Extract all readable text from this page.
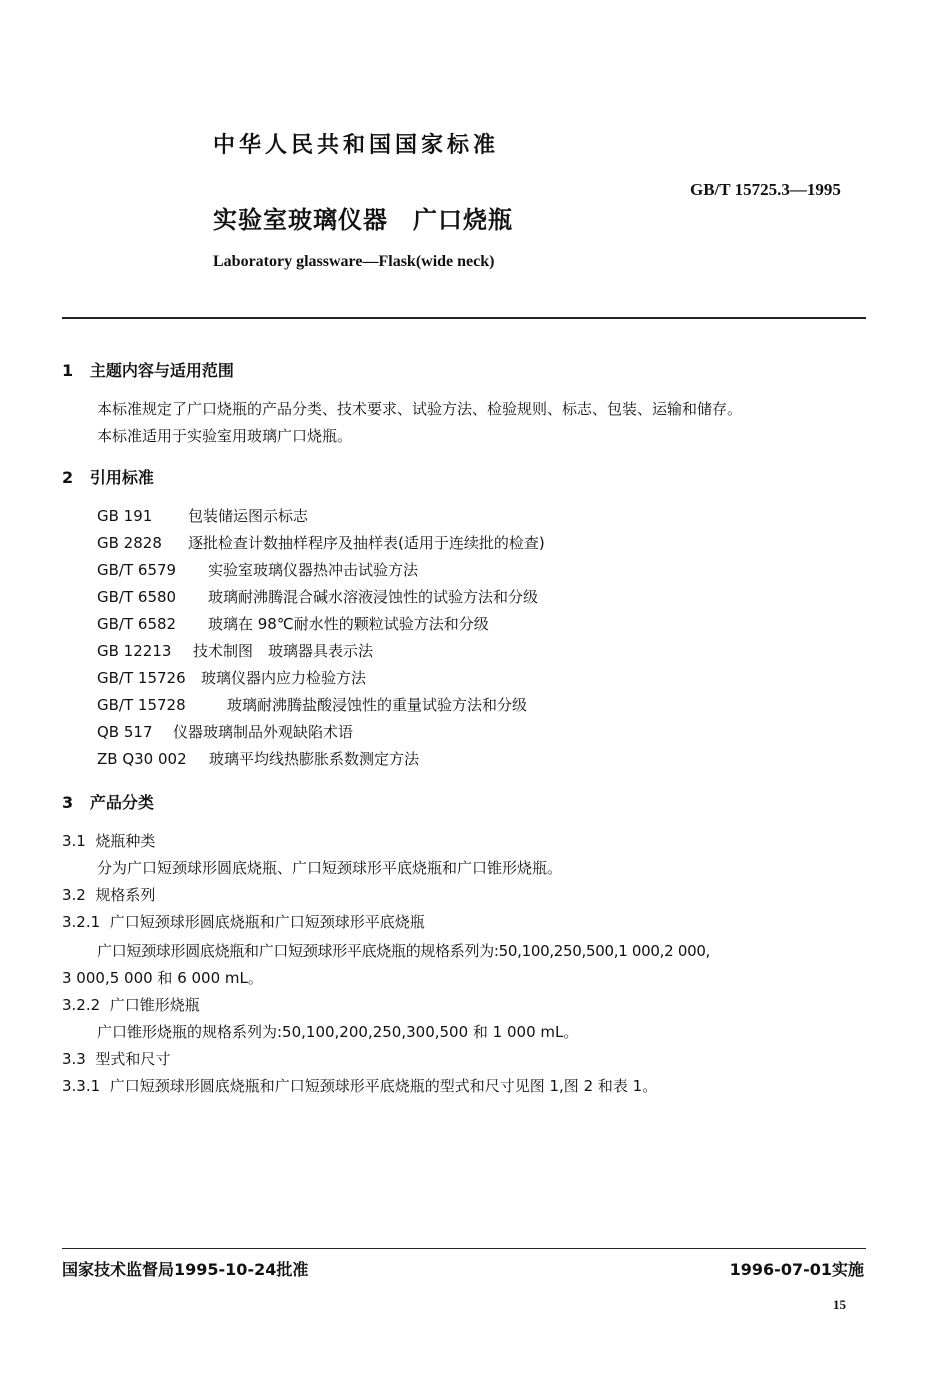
中华人民共和国国家标准
GB/T 15725.3—1995
实验室玻璃仪器　广口烧瓶
Laboratory glassware—Flask(wide neck)
1 主题内容与适用范围
本标准规定了广口烧瓶的产品分类、技术要求、试验方法、检验规则、标志、包装、运输和储存。
本标准适用于实验室用玻璃广口烧瓶。
2 引用标准
GB 191 包装储运图示标志
GB 2828 逐批检查计数抽样程序及抽样表(适用于连续批的检查)
GB/T 6579 实验室玻璃仪器热冲击试验方法
GB/T 6580 玻璃耐沸腾混合碱水溶液浸蚀性的试验方法和分级
GB/T 6582 玻璃在 98℃耐水性的颗粒试验方法和分级
GB 12213 技术制图　玻璃器具表示法
GB/T 15726 玻璃仪器内应力检验方法
GB/T 15728	玻璃耐沸腾盐酸浸蚀性的重量试验方法和分级
QB 517 仪器玻璃制品外观缺陷术语
ZB Q30 002 玻璃平均线热膨胀系数测定方法
3 产品分类
3.1 烧瓶种类
分为广口短颈球形圆底烧瓶、广口短颈球形平底烧瓶和广口锥形烧瓶。
3.2 规格系列
3.2.1 广口短颈球形圆底烧瓶和广口短颈球形平底烧瓶
广口短颈球形圆底烧瓶和广口短颈球形平底烧瓶的规格系列为:50,100,250,500,1 000,2 000,
3 000,5 000 和 6 000 mL。
3.2.2 广口锥形烧瓶
广口锥形烧瓶的规格系列为:50,100,200,250,300,500 和 1 000 mL。
3.3 型式和尺寸
3.3.1 广口短颈球形圆底烧瓶和广口短颈球形平底烧瓶的型式和尺寸见图 1,图 2 和表 1。
国家技术监督局1995-10-24批准	1996-07-01实施
15
